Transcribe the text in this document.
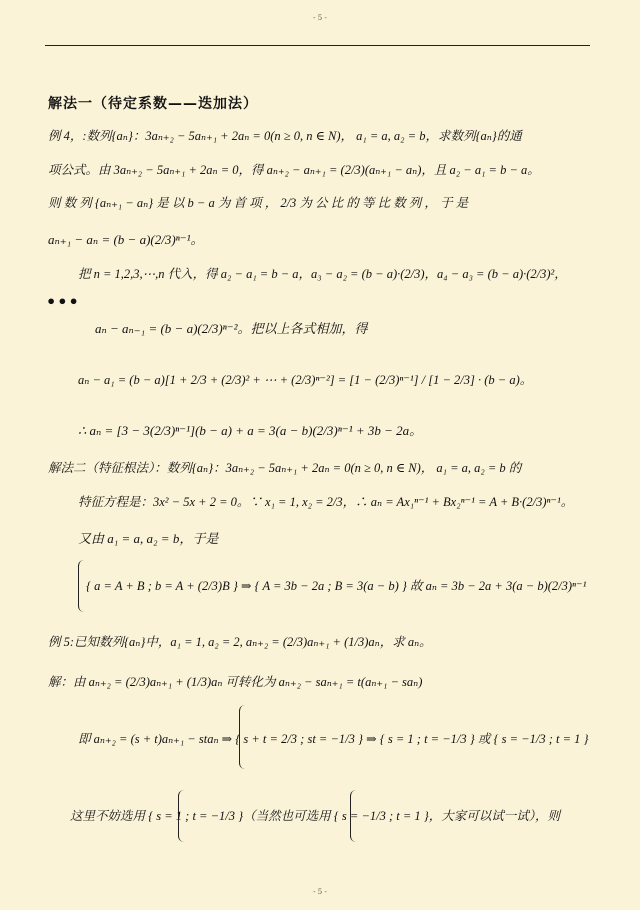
- 5 -
解法一（待定系数——迭加法）
例 4，:数列{aₙ}：3aₙ₊₂ − 5aₙ₊₁ + 2aₙ = 0(n ≥ 0, n ∈ N)， a₁ = a, a₂ = b，求数列{aₙ}的通
项公式。由 3aₙ₊₂ − 5aₙ₊₁ + 2aₙ = 0，得 aₙ₊₂ − aₙ₊₁ = (2/3)(aₙ₊₁ − aₙ)，且 a₂ − a₁ = b − a。
则 数 列 {aₙ₊₁ − aₙ} 是 以 b − a 为 首 项 ， 2/3 为 公 比 的 等 比 数 列 ， 于 是
aₙ₊₁ − aₙ = (b − a)(2/3)ⁿ⁻¹。
把 n = 1,2,3,⋯,n 代入，得 a₂ − a₁ = b − a，a₃ − a₂ = (b − a)·(2/3)，a₄ − a₃ = (b − a)·(2/3)²，
•••
aₙ − aₙ₋₁ = (b − a)(2/3)ⁿ⁻²。把以上各式相加，得
aₙ − a₁ = (b − a)[1 + 2/3 + (2/3)² + ⋯ + (2/3)ⁿ⁻²] = [1 − (2/3)ⁿ⁻¹] / [1 − 2/3] · (b − a)。
∴ aₙ = [3 − 3(2/3)ⁿ⁻¹](b − a) + a = 3(a − b)(2/3)ⁿ⁻¹ + 3b − 2a。
解法二（特征根法）：数列{aₙ}：3aₙ₊₂ − 5aₙ₊₁ + 2aₙ = 0(n ≥ 0, n ∈ N)， a₁ = a, a₂ = b 的
特征方程是：3x² − 5x + 2 = 0。∵ x₁ = 1, x₂ = 2/3，∴ aₙ = Ax₁ⁿ⁻¹ + Bx₂ⁿ⁻¹ = A + B·(2/3)ⁿ⁻¹。
又由 a₁ = a, a₂ = b，于是
{ a = A + B ; b = A + (2/3)B } ⇒ { A = 3b − 2a ; B = 3(a − b) } 故 aₙ = 3b − 2a + 3(a − b)(2/3)ⁿ⁻¹
例 5:已知数列{aₙ}中，a₁ = 1, a₂ = 2, aₙ₊₂ = (2/3)aₙ₊₁ + (1/3)aₙ，求 aₙ。
解：由 aₙ₊₂ = (2/3)aₙ₊₁ + (1/3)aₙ 可转化为 aₙ₊₂ − saₙ₊₁ = t(aₙ₊₁ − saₙ)
即 aₙ₊₂ = (s + t)aₙ₊₁ − staₙ ⇒ { s + t = 2/3 ; st = −1/3 } ⇒ { s = 1 ; t = −1/3 } 或 { s = −1/3 ; t = 1 }
这里不妨选用 { s = 1 ; t = −1/3 }（当然也可选用 { s = −1/3 ; t = 1 }，大家可以试一试），则
- 5 -
